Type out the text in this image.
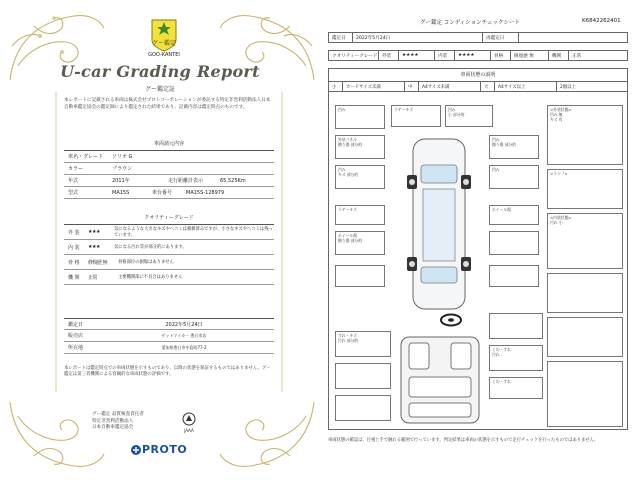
グー鑑定
GOO-KANTEI
U-car Grading Report
グー鑑定証
本レポートに記載される車両は株式会社プロトコーポレーションが委託する特定非営利活動法人日本自動車鑑定協会の鑑定師により鑑定された結果であり、記載内容は鑑定時点のものです。
車両諸元内容
車名・グレード	ソリオ G
カラー	ブラウン
年式	2011年	走行距離計表示	65,525Km
型式	MA15S	車台番号	MA15S-128979
クオリティーグレード
外 装	★★★	気になるような大きなキズやヘコミは補修済みですが、小さなキズやヘコミは残っています。
内 装	★★★	気になる汚れ等が部分的にあります。
骨 格	修復歴 無	骨格部位の損傷はありません
機 関	正常	主要機関部に不具合はありません
鑑定日	2022年5月24日
販売店	ゲットマイカー 豊日市店
所在地	愛知県豊日市中島町77-2
本レポートは鑑定時点での車両状態を示すものであり、以降の状態を保証するものではありません。グー鑑定は第三者機関による客観的な車両状態の評価です。
グー鑑定 品質検査責任者
特定非営利活動法人
日本自動車鑑定協会
JAAA
PROTO
グー鑑定 コンディションチェックシート	K6842262401
鑑定日	2022年5月24日	再鑑定日
クオリティーグレード 外装	★★★★	内装	★★★★	骨格	修復歴 無	機関	正常
車両状態の説明
小	カードサイズ未満	中	A4サイズ未満	大	A4サイズ以上	2個以上
凹み
外装パネル
擦り傷 部分的
凹み
キズ 部分的
ラゲーキズ
ホイール傷
擦り傷 部分的
ラゲーキズ	凹み
小 部分的
凹み
擦り傷 部分的
凹み
ホイール傷
<外装状態>
凹み 無
キズ 有
<ランプ>
<内装状態>
汚れ 小
すれ・キズ
汚れ 部分的
しわ・すれ
汚れ
しわ・すれ
車両状態の確認は、目視と手で触れる範囲で行っています。判定結果は車両の状態を示すもので走行チェックを行ったものではありません。
